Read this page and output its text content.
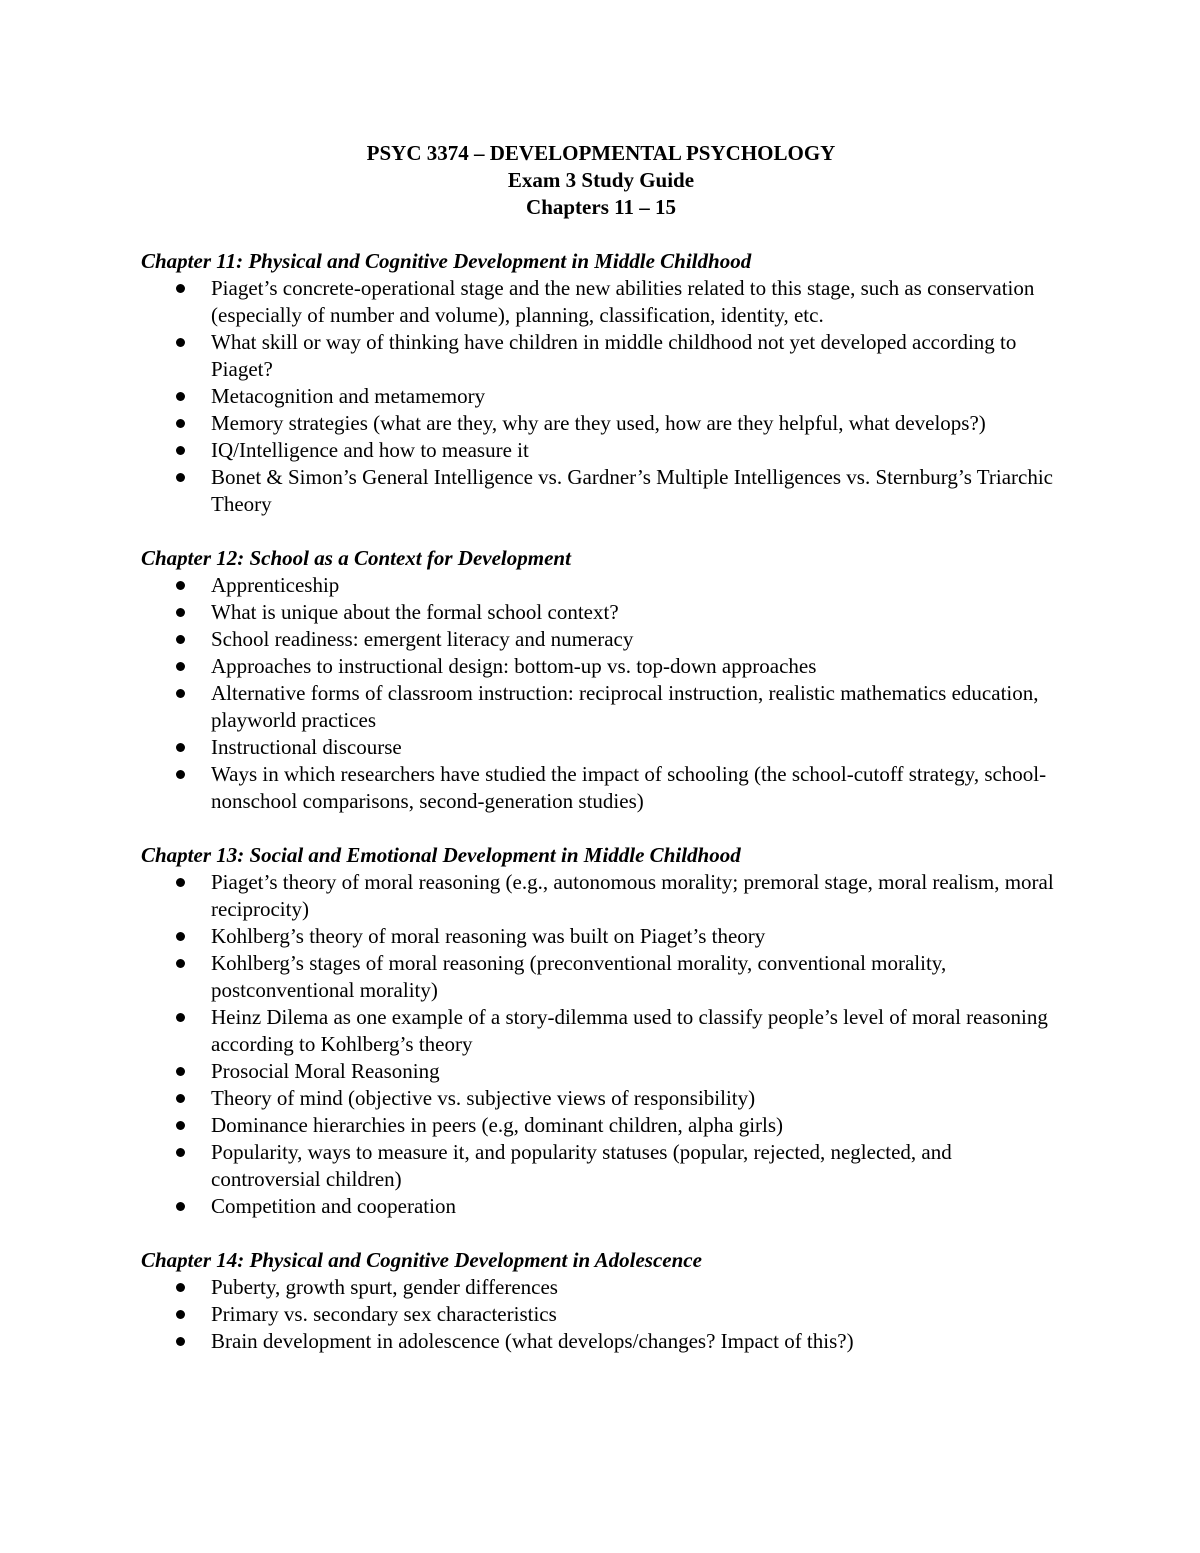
PSYC 3374 – DEVELOPMENTAL PSYCHOLOGY
Exam 3 Study Guide
Chapters 11 – 15
Chapter 11: Physical and Cognitive Development in Middle Childhood
Piaget’s concrete-operational stage and the new abilities related to this stage, such as conservation (especially of number and volume), planning, classification, identity, etc.
What skill or way of thinking have children in middle childhood not yet developed according to Piaget?
Metacognition and metamemory
Memory strategies (what are they, why are they used, how are they helpful, what develops?)
IQ/Intelligence and how to measure it
Bonet & Simon’s General Intelligence vs. Gardner’s Multiple Intelligences vs. Sternburg’s Triarchic Theory
Chapter 12: School as a Context for Development
Apprenticeship
What is unique about the formal school context?
School readiness: emergent literacy and numeracy
Approaches to instructional design: bottom-up vs. top-down approaches
Alternative forms of classroom instruction: reciprocal instruction, realistic mathematics education, playworld practices
Instructional discourse
Ways in which researchers have studied the impact of schooling (the school-cutoff strategy, school-nonschool comparisons, second-generation studies)
Chapter 13: Social and Emotional Development in Middle Childhood
Piaget’s theory of moral reasoning (e.g., autonomous morality; premoral stage, moral realism, moral reciprocity)
Kohlberg’s theory of moral reasoning was built on Piaget’s theory
Kohlberg’s stages of moral reasoning (preconventional morality, conventional morality, postconventional morality)
Heinz Dilema as one example of a story-dilemma used to classify people’s level of moral reasoning according to Kohlberg’s theory
Prosocial Moral Reasoning
Theory of mind (objective vs. subjective views of responsibility)
Dominance hierarchies in peers (e.g, dominant children, alpha girls)
Popularity, ways to measure it, and popularity statuses (popular, rejected, neglected, and controversial children)
Competition and cooperation
Chapter 14: Physical and Cognitive Development in Adolescence
Puberty, growth spurt, gender differences
Primary vs. secondary sex characteristics
Brain development in adolescence (what develops/changes? Impact of this?)
